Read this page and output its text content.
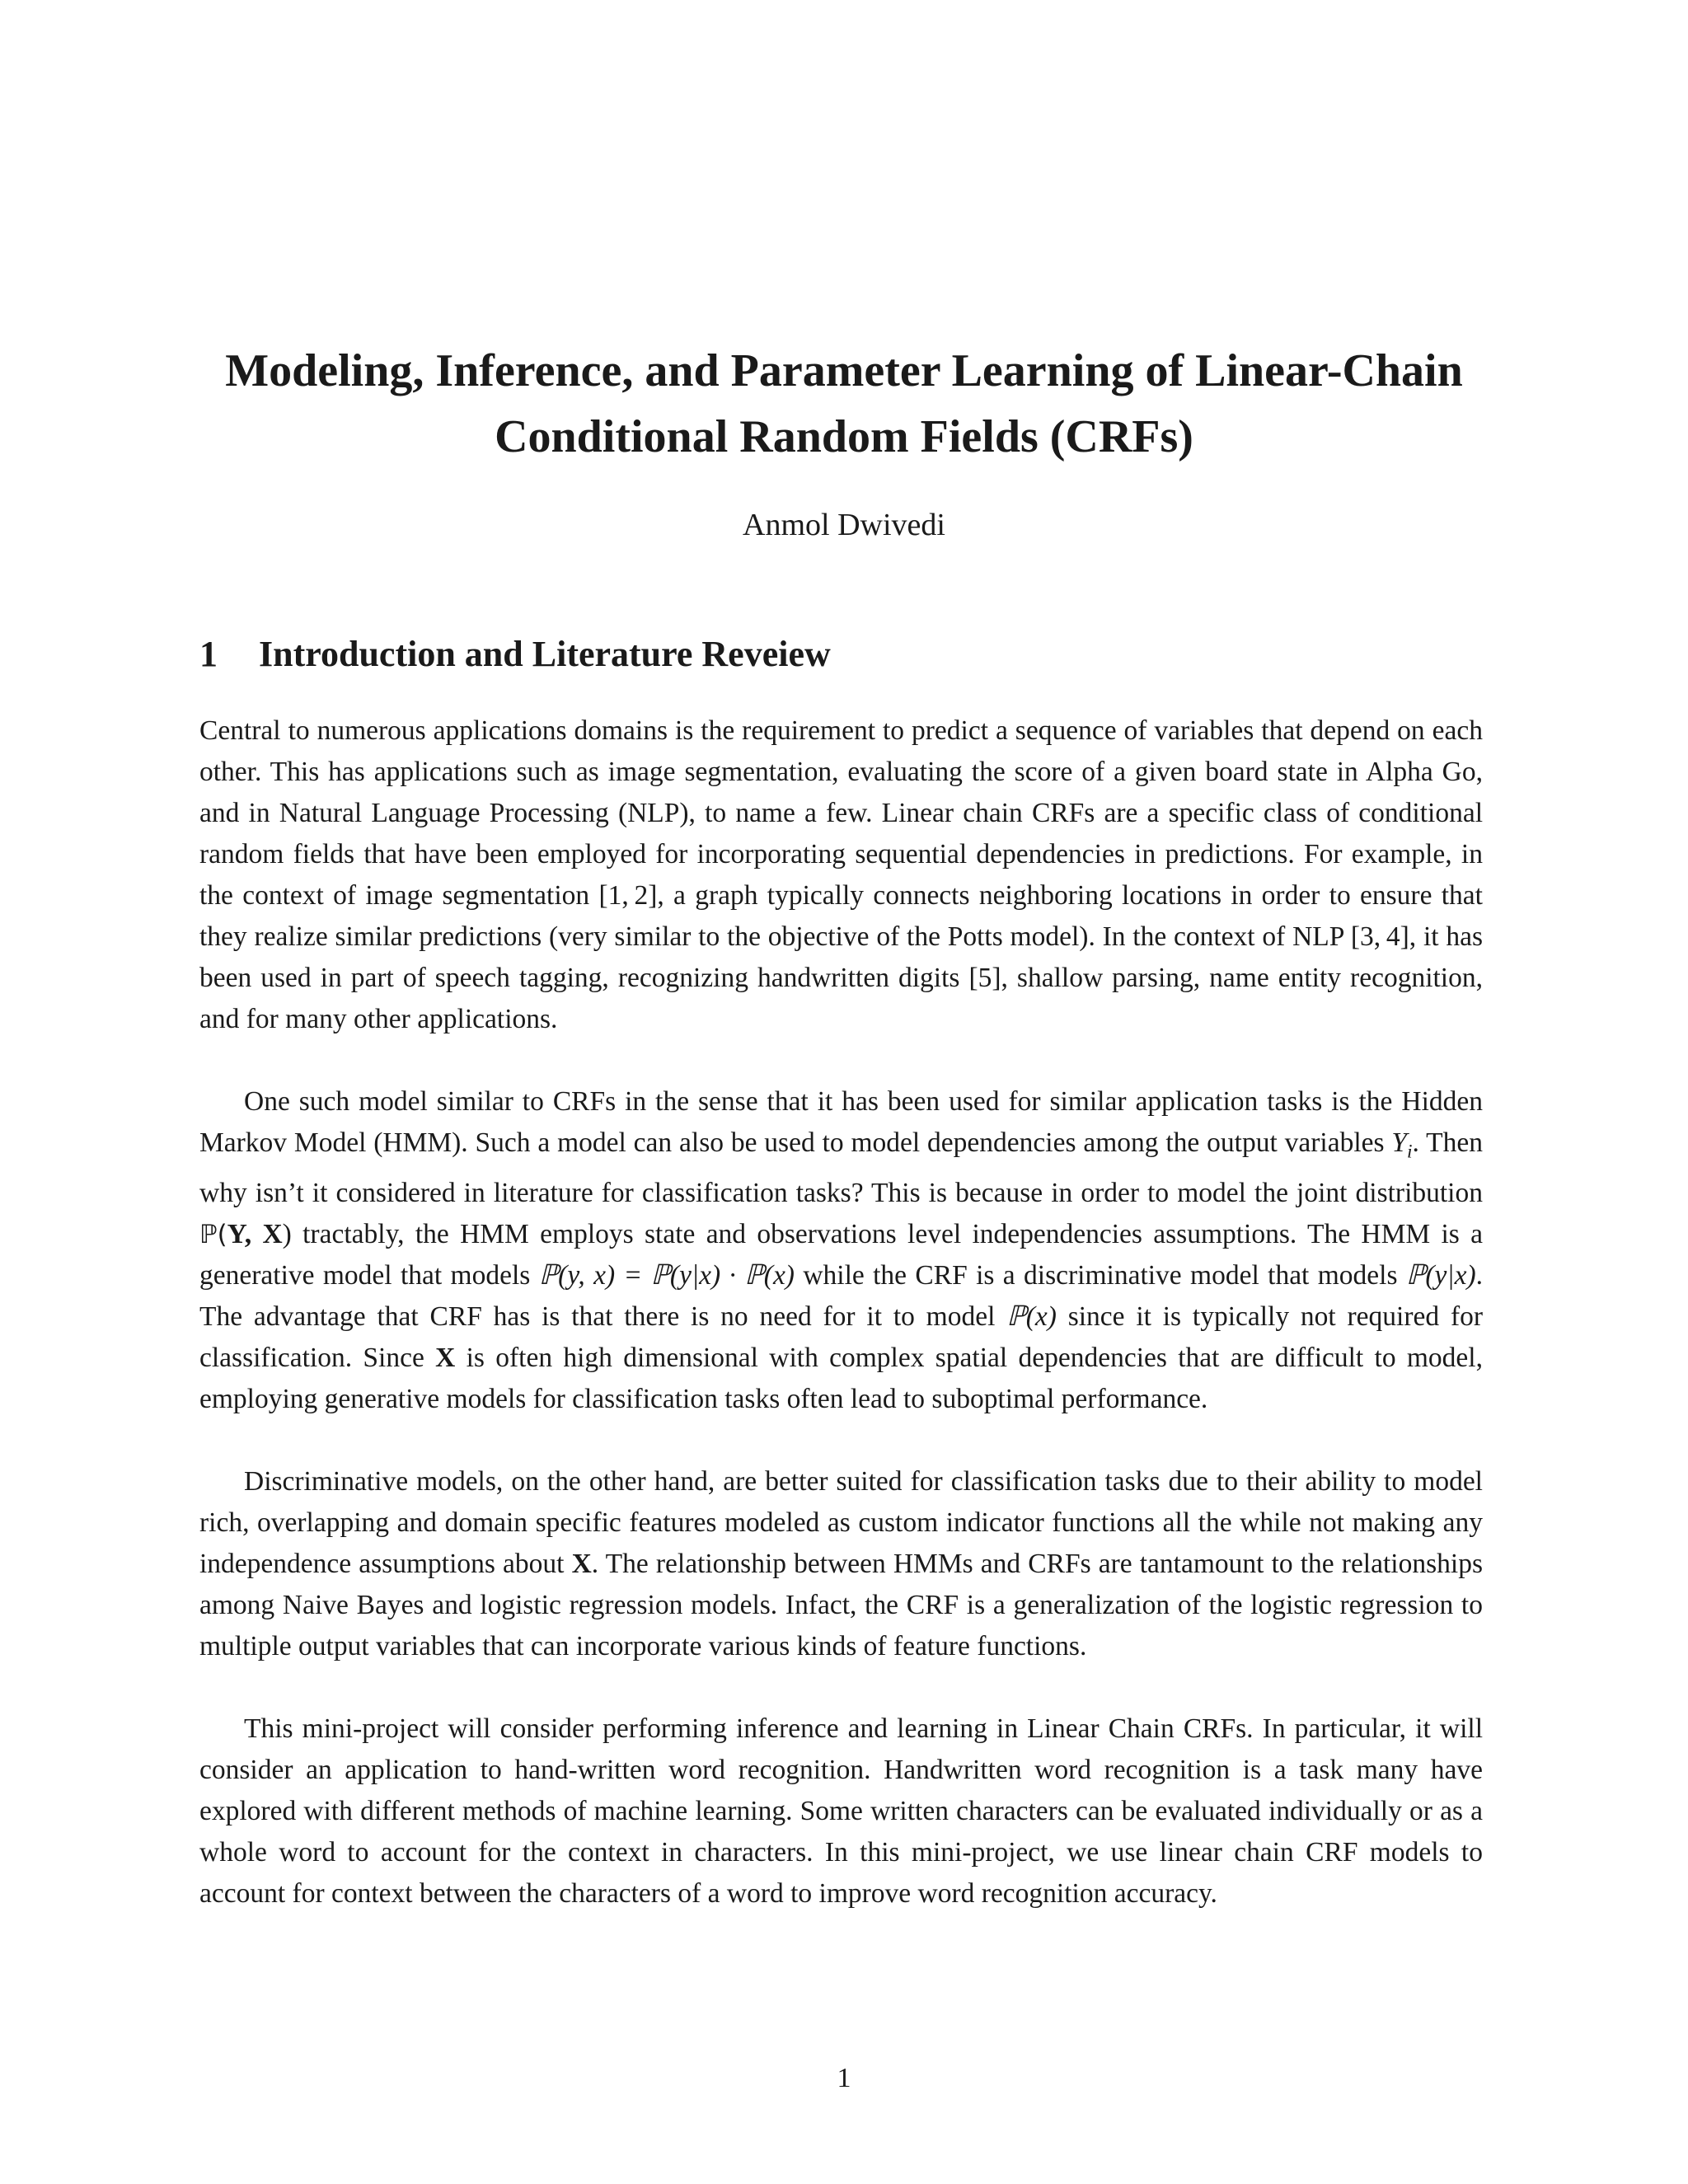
Modeling, Inference, and Parameter Learning of Linear-Chain
Conditional Random Fields (CRFs)

Anmol Dwivedi

1 Introduction and Literature Reveiew

Central to numerous applications domains is the requirement to predict a sequence of variables that depend on each other. This has applications such as image segmentation, evaluating the score of a given board state in Alpha Go, and in Natural Language Processing (NLP), to name a few. Linear chain CRFs are a specific class of conditional random fields that have been employed for incorporating sequential dependencies in predictions. For example, in the context of image segmentation [1, 2], a graph typically connects neighboring locations in order to ensure that they realize similar predictions (very similar to the objective of the Potts model). In the context of NLP [3, 4], it has been used in part of speech tagging, recognizing handwritten digits [5], shallow parsing, name entity recognition, and for many other applications.

One such model similar to CRFs in the sense that it has been used for similar application tasks is the Hidden Markov Model (HMM). Such a model can also be used to model dependencies among the output variables $Y_i$. Then why isn’t it considered in literature for classification tasks? This is because in order to model the joint distribution ℙ(Y, X) tractably, the HMM employs state and observations level independencies assumptions. The HMM is a generative model that models ℙ(y, x) = ℙ(y|x) · ℙ(x) while the CRF is a discriminative model that models ℙ(y|x). The advantage that CRF has is that there is no need for it to model ℙ(x) since it is typically not required for classification. Since X is often high dimensional with complex spatial dependencies that are difficult to model, employing generative models for classification tasks often lead to suboptimal performance.

Discriminative models, on the other hand, are better suited for classification tasks due to their ability to model rich, overlapping and domain specific features modeled as custom indicator functions all the while not making any independence assumptions about X. The relationship between HMMs and CRFs are tantamount to the relationships among Naive Bayes and logistic regression models. Infact, the CRF is a generalization of the logistic regression to multiple output variables that can incorporate various kinds of feature functions.

This mini-project will consider performing inference and learning in Linear Chain CRFs. In particular, it will consider an application to hand-written word recognition. Handwritten word recognition is a task many have explored with different methods of machine learning. Some written characters can be evaluated individually or as a whole word to account for the context in characters. In this mini-project, we use linear chain CRF models to account for context between the characters of a word to improve word recognition accuracy.

1
